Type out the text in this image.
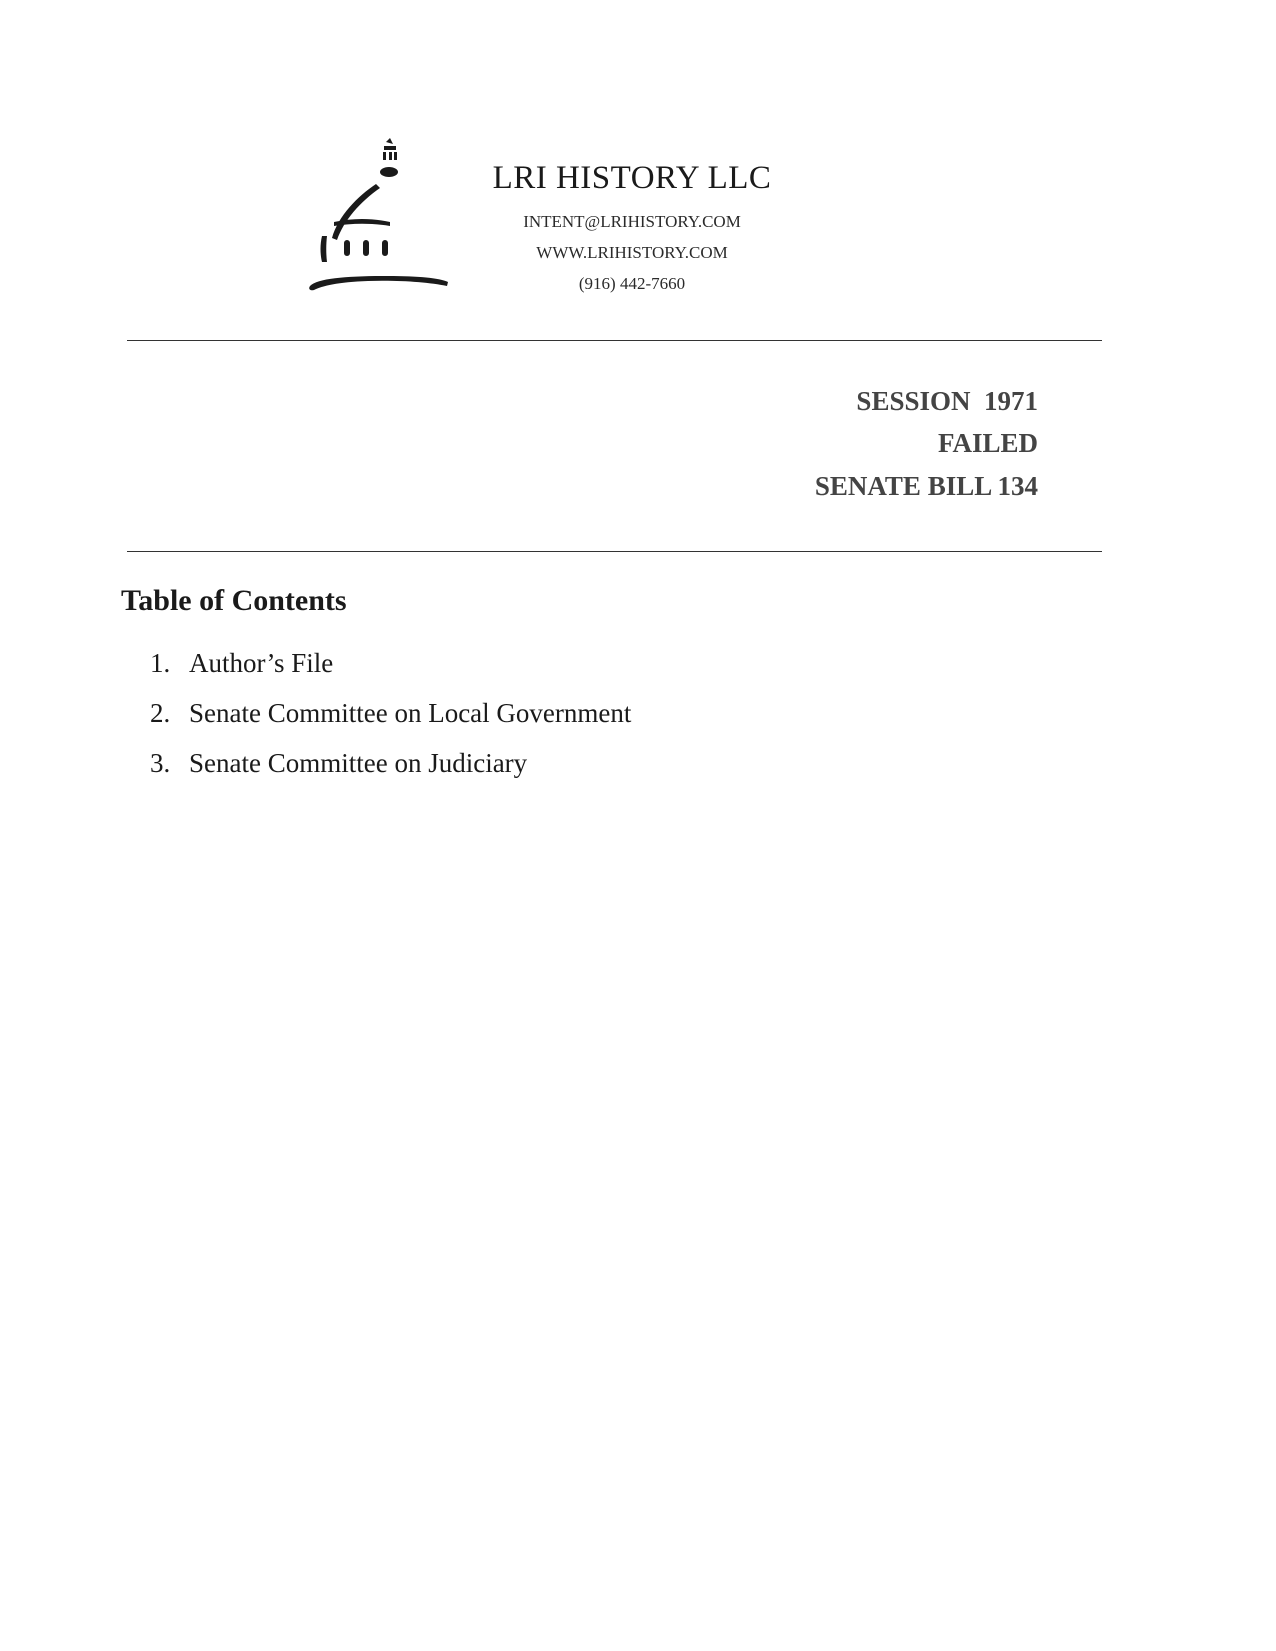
LRI HISTORY LLC
INTENT@LRIHISTORY.COM
WWW.LRIHISTORY.COM
(916) 442-7660
SESSION  1971
FAILED
SENATE BILL 134
Table of Contents
1. Author’s File
2. Senate Committee on Local Government
3. Senate Committee on Judiciary
